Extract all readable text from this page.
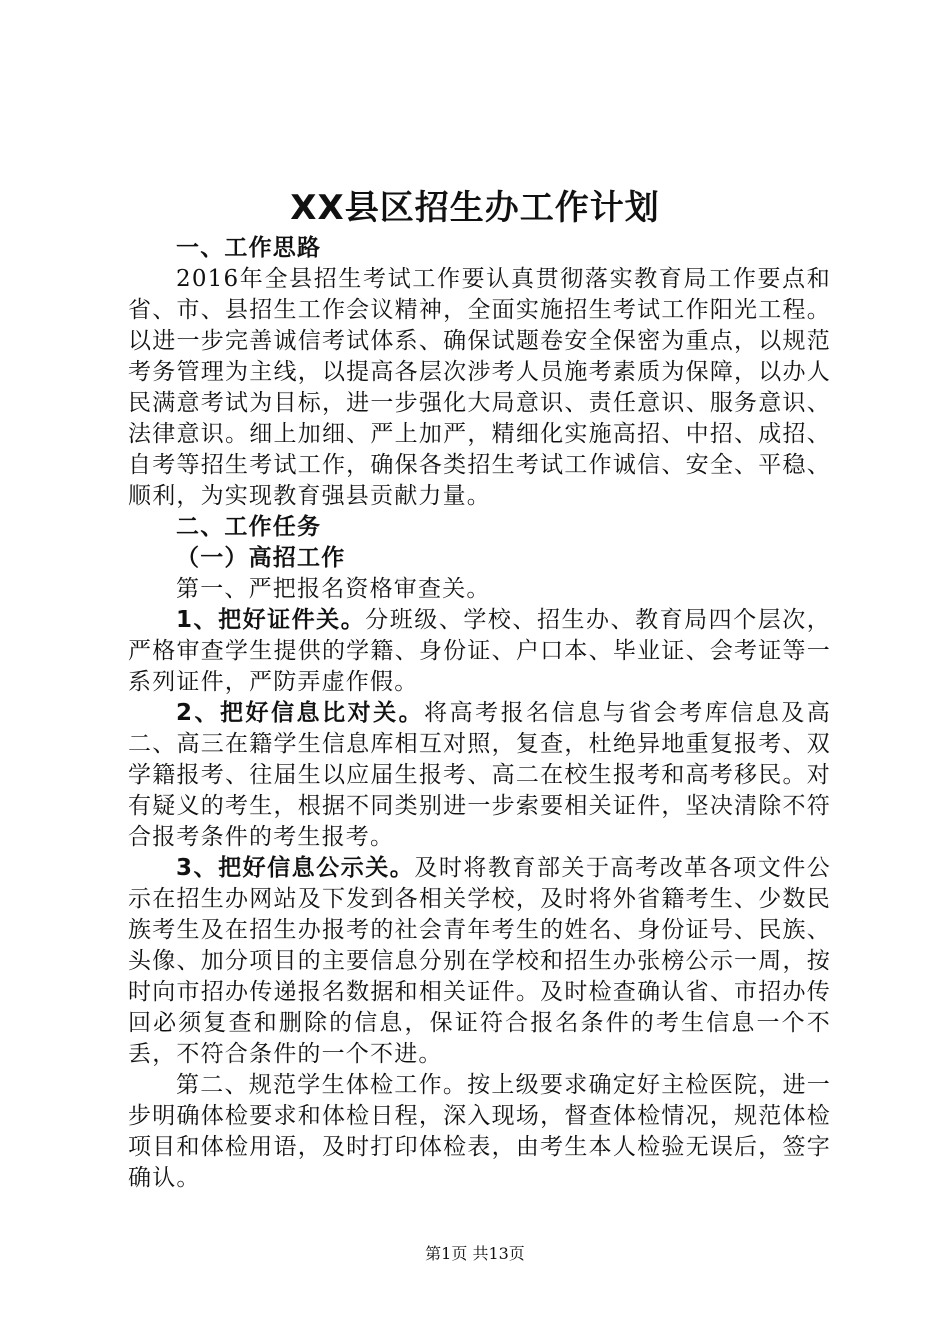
XX县区招生办工作计划

一、工作思路

2016年全县招生考试工作要认真贯彻落实教育局工作要点和省、市、县招生工作会议精神，全面实施招生考试工作阳光工程。以进一步完善诚信考试体系、确保试题卷安全保密为重点，以规范考务管理为主线，以提高各层次涉考人员施考素质为保障，以办人民满意考试为目标，进一步强化大局意识、责任意识、服务意识、法律意识。细上加细、严上加严，精细化实施高招、中招、成招、自考等招生考试工作，确保各类招生考试工作诚信、安全、平稳、顺利，为实现教育强县贡献力量。

二、工作任务

（一）高招工作

第一、严把报名资格审查关。

1、把好证件关。分班级、学校、招生办、教育局四个层次，严格审查学生提供的学籍、身份证、户口本、毕业证、会考证等一系列证件，严防弄虚作假。

2、把好信息比对关。将高考报名信息与省会考库信息及高二、高三在籍学生信息库相互对照，复查，杜绝异地重复报考、双学籍报考、往届生以应届生报考、高二在校生报考和高考移民。对有疑义的考生，根据不同类别进一步索要相关证件，坚决清除不符合报考条件的考生报考。

3、把好信息公示关。及时将教育部关于高考改革各项文件公示在招生办网站及下发到各相关学校，及时将外省籍考生、少数民族考生及在招生办报考的社会青年考生的姓名、身份证号、民族、头像、加分项目的主要信息分别在学校和招生办张榜公示一周，按时向市招办传递报名数据和相关证件。及时检查确认省、市招办传回必须复查和删除的信息，保证符合报名条件的考生信息一个不丢，不符合条件的一个不进。

第二、规范学生体检工作。按上级要求确定好主检医院，进一步明确体检要求和体检日程，深入现场，督查体检情况，规范体检项目和体检用语，及时打印体检表，由考生本人检验无误后，签字确认。

第1页 共13页
